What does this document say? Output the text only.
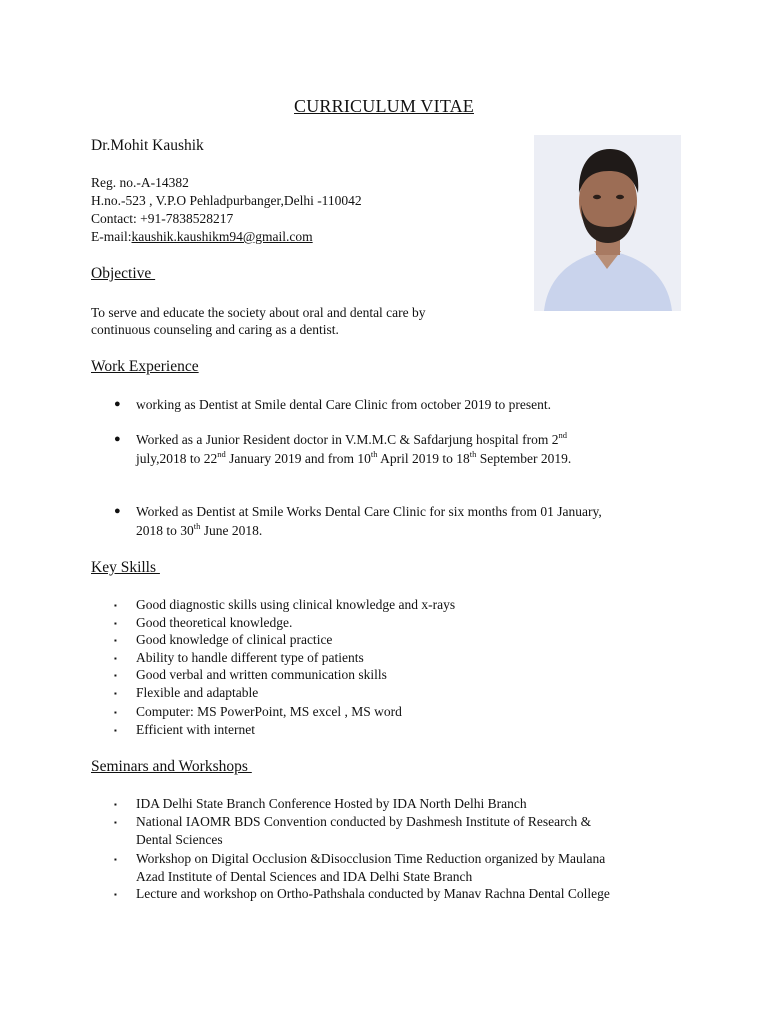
CURRICULUM VITAE
Dr.Mohit Kaushik
Reg. no.-A-14382
H.no.-523 , V.P.O Pehladpurbanger,Delhi -110042
Contact: +91-7838528217
E-mail:kaushik.kaushikm94@gmail.com
Objective
To serve and educate the society about oral and dental care by
continuous counseling and caring as a dentist.
Work Experience
● working as Dentist at Smile dental Care Clinic from october 2019 to present.
● Worked as a Junior Resident doctor in V.M.M.C & Safdarjung hospital from 2nd
july,2018 to 22nd January 2019 and from 10th April 2019 to 18th September 2019.
● Worked as Dentist at Smile Works Dental Care Clinic for six months from 01 January,
2018 to 30th June 2018.
Key Skills
▪ Good diagnostic skills using clinical knowledge and x-rays
▪ Good theoretical knowledge.
▪ Good knowledge of clinical practice
▪ Ability to handle different type of patients
▪ Good verbal and written communication skills
▪ Flexible and adaptable
▪ Computer: MS PowerPoint, MS excel , MS word
▪ Efficient with internet
Seminars and Workshops
▪ IDA Delhi State Branch Conference Hosted by IDA North Delhi Branch
▪ National IAOMR BDS Convention conducted by Dashmesh Institute of Research &
Dental Sciences
▪ Workshop on Digital Occlusion &Disocclusion Time Reduction organized by Maulana
Azad Institute of Dental Sciences and IDA Delhi State Branch
▪ Lecture and workshop on Ortho-Pathshala conducted by Manav Rachna Dental College
